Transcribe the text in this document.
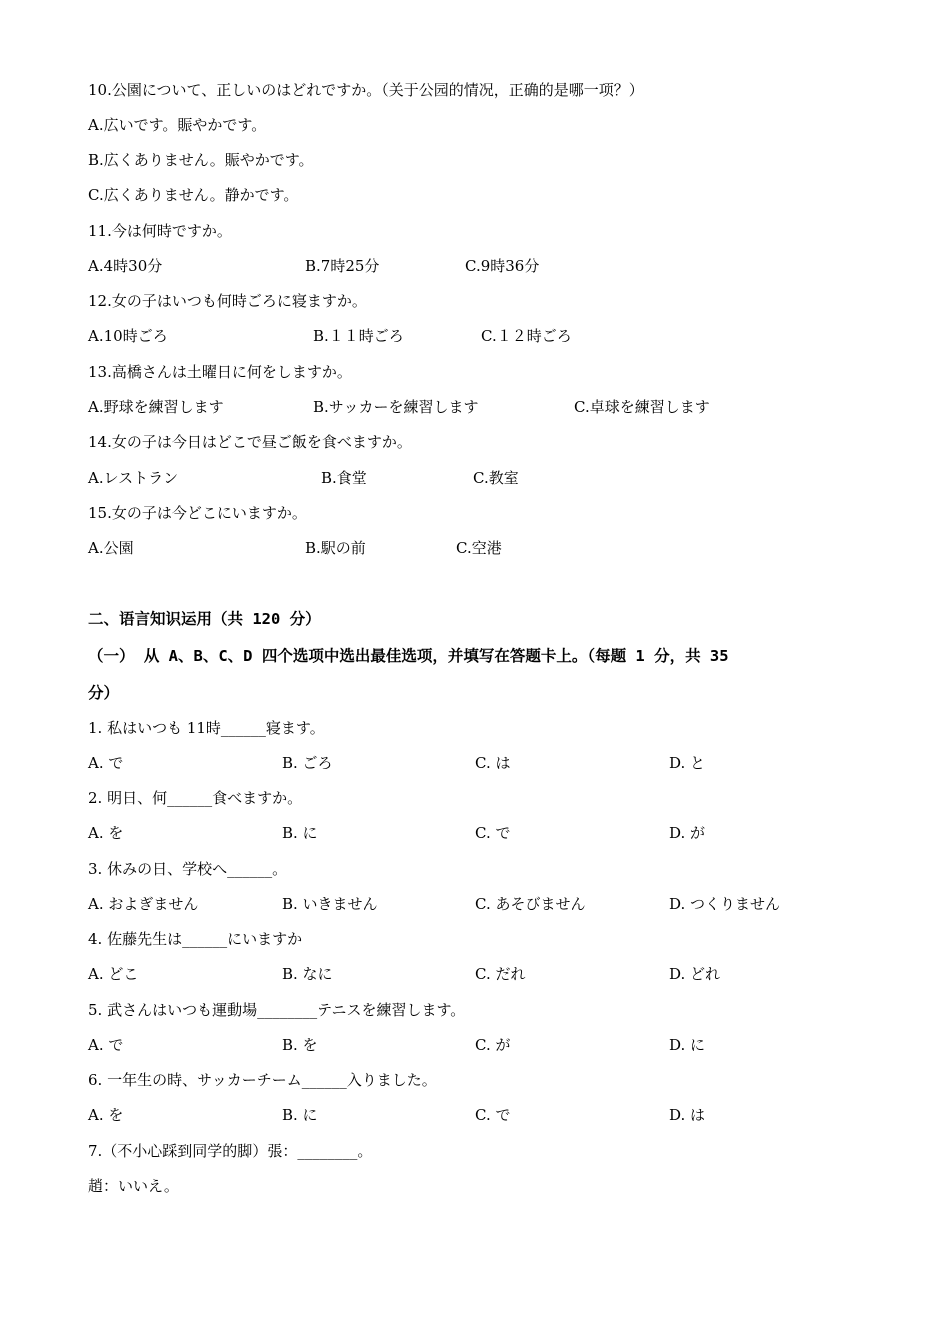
10.公園について、正しいのはどれですか。（关于公园的情况，正确的是哪一项？）
A.広いです。賑やかです。
B.広くありません。賑やかです。
C.広くありません。静かです。
11.今は何時ですか。
A.4時30分	B.7時25分	C.9時36分
12.女の子はいつも何時ごろに寝ますか。
A.10時ごろ	B.１１時ごろ	C.１２時ごろ
13.高橋さんは土曜日に何をしますか。
A.野球を練習します	B.サッカーを練習します	C.卓球を練習します
14.女の子は今日はどこで昼ご飯を食べますか。
A.レストラン	B.食堂	C.教室
15.女の子は今どこにいますか。
A.公園	B.駅の前	C.空港
二、语言知识运用（共 120 分）
（一） 从 A、B、C、D 四个选项中选出最佳选项，并填写在答题卡上。（每题 1 分，共 35
分）
1. 私はいつも 11時______寝ます。
A. で	B. ごろ	C. は	D. と
2. 明日、何______食べますか。
A. を	B. に	C. で	D. が
3. 休みの日、学校へ______。
A. およぎません	B. いきません	C. あそびません	D. つくりません
4. 佐藤先生は______にいますか
A. どこ	B. なに	C. だれ	D. どれ
5. 武さんはいつも運動場________テニスを練習します。
A. で	B. を	C. が	D. に
6. 一年生の時、サッカーチーム______入りました。
A. を	B. に	C. で	D. は
7.（不小心踩到同学的脚）張：________。
趙：いいえ。
